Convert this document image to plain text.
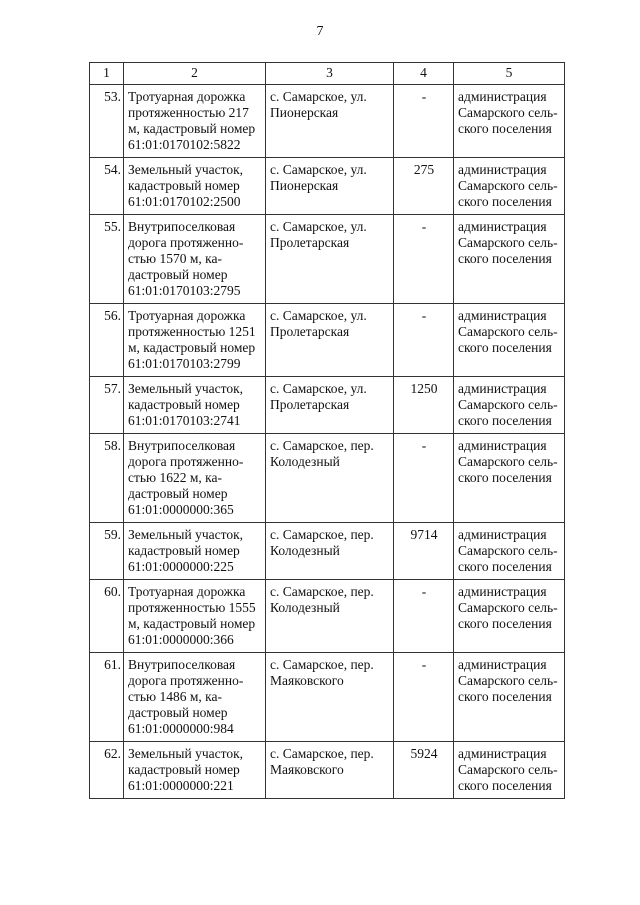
7
1	2	3	4	5
53.	Тротуарная дорожка протяженностью 217 м, кадастровый номер 61:01:0170102:5822	с. Самарское, ул. Пионерская	-	администрация Самарского сель-ского поселения
54.	Земельный участок, кадастровый номер 61:01:0170102:2500	с. Самарское, ул. Пионерская	275	администрация Самарского сель-ского поселения
55.	Внутрипоселковая дорога протяженно-стью 1570 м, ка-дастровый номер 61:01:0170103:2795	с. Самарское, ул. Пролетарская	-	администрация Самарского сель-ского поселения
56.	Тротуарная дорожка протяженностью 1251 м, кадастровый номер 61:01:0170103:2799	с. Самарское, ул. Пролетарская	-	администрация Самарского сель-ского поселения
57.	Земельный участок, кадастровый номер 61:01:0170103:2741	с. Самарское, ул. Пролетарская	1250	администрация Самарского сель-ского поселения
58.	Внутрипоселковая дорога протяженно-стью 1622 м, ка-дастровый номер 61:01:0000000:365	с. Самарское, пер. Колодезный	-	администрация Самарского сель-ского поселения
59.	Земельный участок, кадастровый номер 61:01:0000000:225	с. Самарское, пер. Колодезный	9714	администрация Самарского сель-ского поселения
60.	Тротуарная дорожка протяженностью 1555 м, кадастровый номер 61:01:0000000:366	с. Самарское, пер. Колодезный	-	администрация Самарского сель-ского поселения
61.	Внутрипоселковая дорога протяженно-стью 1486 м, ка-дастровый номер 61:01:0000000:984	с. Самарское, пер. Маяковского	-	администрация Самарского сель-ского поселения
62.	Земельный участок, кадастровый номер 61:01:0000000:221	с. Самарское, пер. Маяковского	5924	администрация Самарского сель-ского поселения
